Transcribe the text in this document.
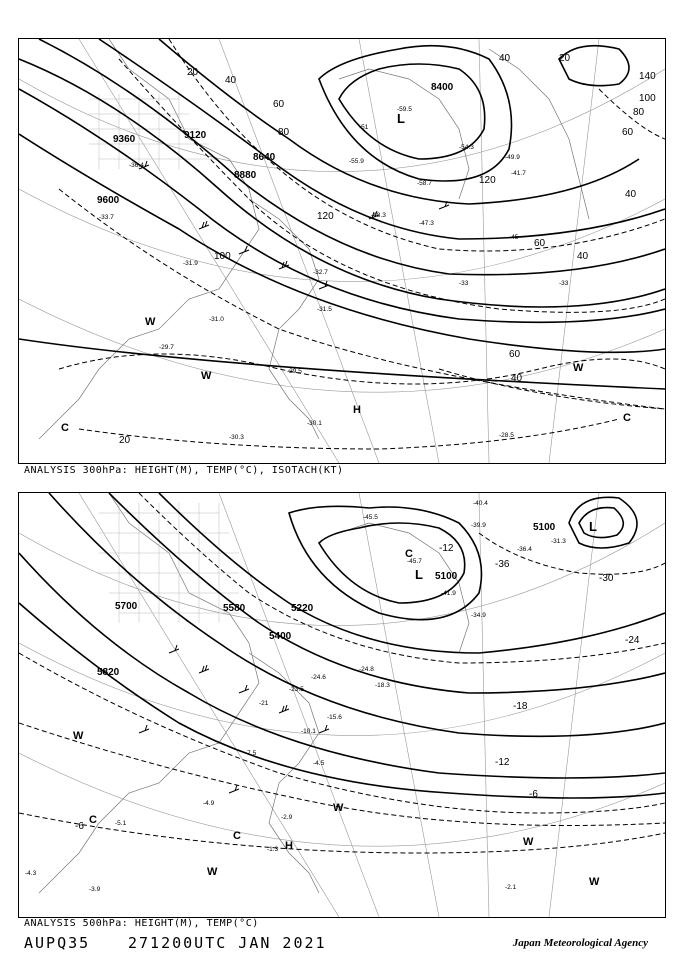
9360	9120
8640
8880
9600
8400
20
40
60
80
100
120
140
100
120
60
40
20
40
60
80
40
20
60
40
-59.5
-55.9
-58.7
-48.3
-47.3
-45
-33
-31.5
-31.0
-32.7
-33
-31.9
-29.7
-30.1
-30.3	-28.5
-29.5
-36.4
-33.7
-51
-54.3
-49.9
-41.7
L
H
C
W
W
C
W
ANALYSIS 300hPa: HEIGHT(M), TEMP(°C), ISOTACH(KT)
5700
5820
5580	5220
5400
5100
5100
-12
-36
-30
-24
-18
-12
-6
-6
-45.7
-41.9
-34.9
-24.8
-24.6
-23.5
-21
-18.3
-15.6
-10.1
-7.5
-4.5
-4.9
-2.9
-2.1
-1.3
-4.3
-3.9
-5.1
-39.9
-45.5
-40.4
-36.4
-31.3
C
L
L
H
C
W
W
W
W
C
W
ANALYSIS 500hPa: HEIGHT(M), TEMP(°C)
AUPQ35	271200UTC JAN 2021	Japan Meteorological Agency
